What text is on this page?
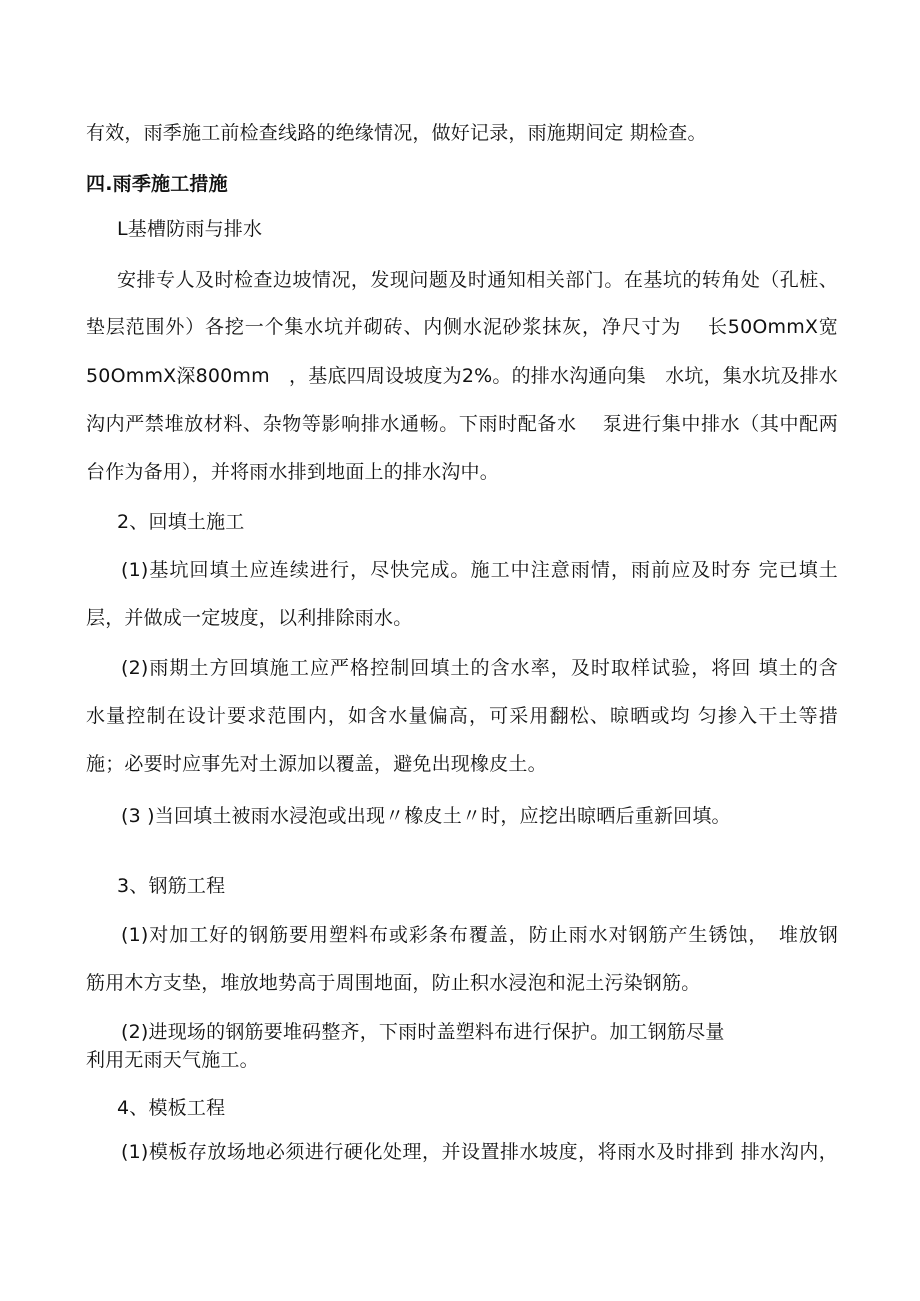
有效，雨季施工前检查线路的绝缘情况，做好记录，雨施期间定 期检查。
四.雨季施工措施
L基槽防雨与排水
安排专人及时检查边坡情况，发现问题及时通知相关部门。在基坑的转角处（孔桩、
垫层范围外）各挖一个集水坑并砌砖、内侧水泥砂浆抹灰，净尺寸为　 长50OmmX宽
50OmmX深800mm　，基底四周设坡度为2%。的排水沟通向集　水坑，集水坑及排水
沟内严禁堆放材料、杂物等影响排水通畅。下雨时配备水　 泵进行集中排水（其中配两
台作为备用），并将雨水排到地面上的排水沟中。
2、回填土施工
(1)基坑回填土应连续进行，尽快完成。施工中注意雨情，雨前应及时夯 完已填土
层，并做成一定坡度，以利排除雨水。
(2)雨期土方回填施工应严格控制回填土的含水率，及时取样试验，将回 填土的含
水量控制在设计要求范围内，如含水量偏高，可采用翻松、晾晒或均 匀掺入干土等措
施；必要时应事先对土源加以覆盖，避免出现橡皮土。
(3 )当回填土被雨水浸泡或出现〃橡皮土〃时，应挖出晾晒后重新回填。
3、钢筋工程
(1)对加工好的钢筋要用塑料布或彩条布覆盖，防止雨水对钢筋产生锈蚀，　堆放钢
筋用木方支垫，堆放地势高于周围地面，防止积水浸泡和泥土污染钢筋。
(2)进现场的钢筋要堆码整齐，下雨时盖塑料布进行保护。加工钢筋尽量
利用无雨天气施工。
4、模板工程
(1)模板存放场地必须进行硬化处理，并设置排水坡度，将雨水及时排到 排水沟内，
